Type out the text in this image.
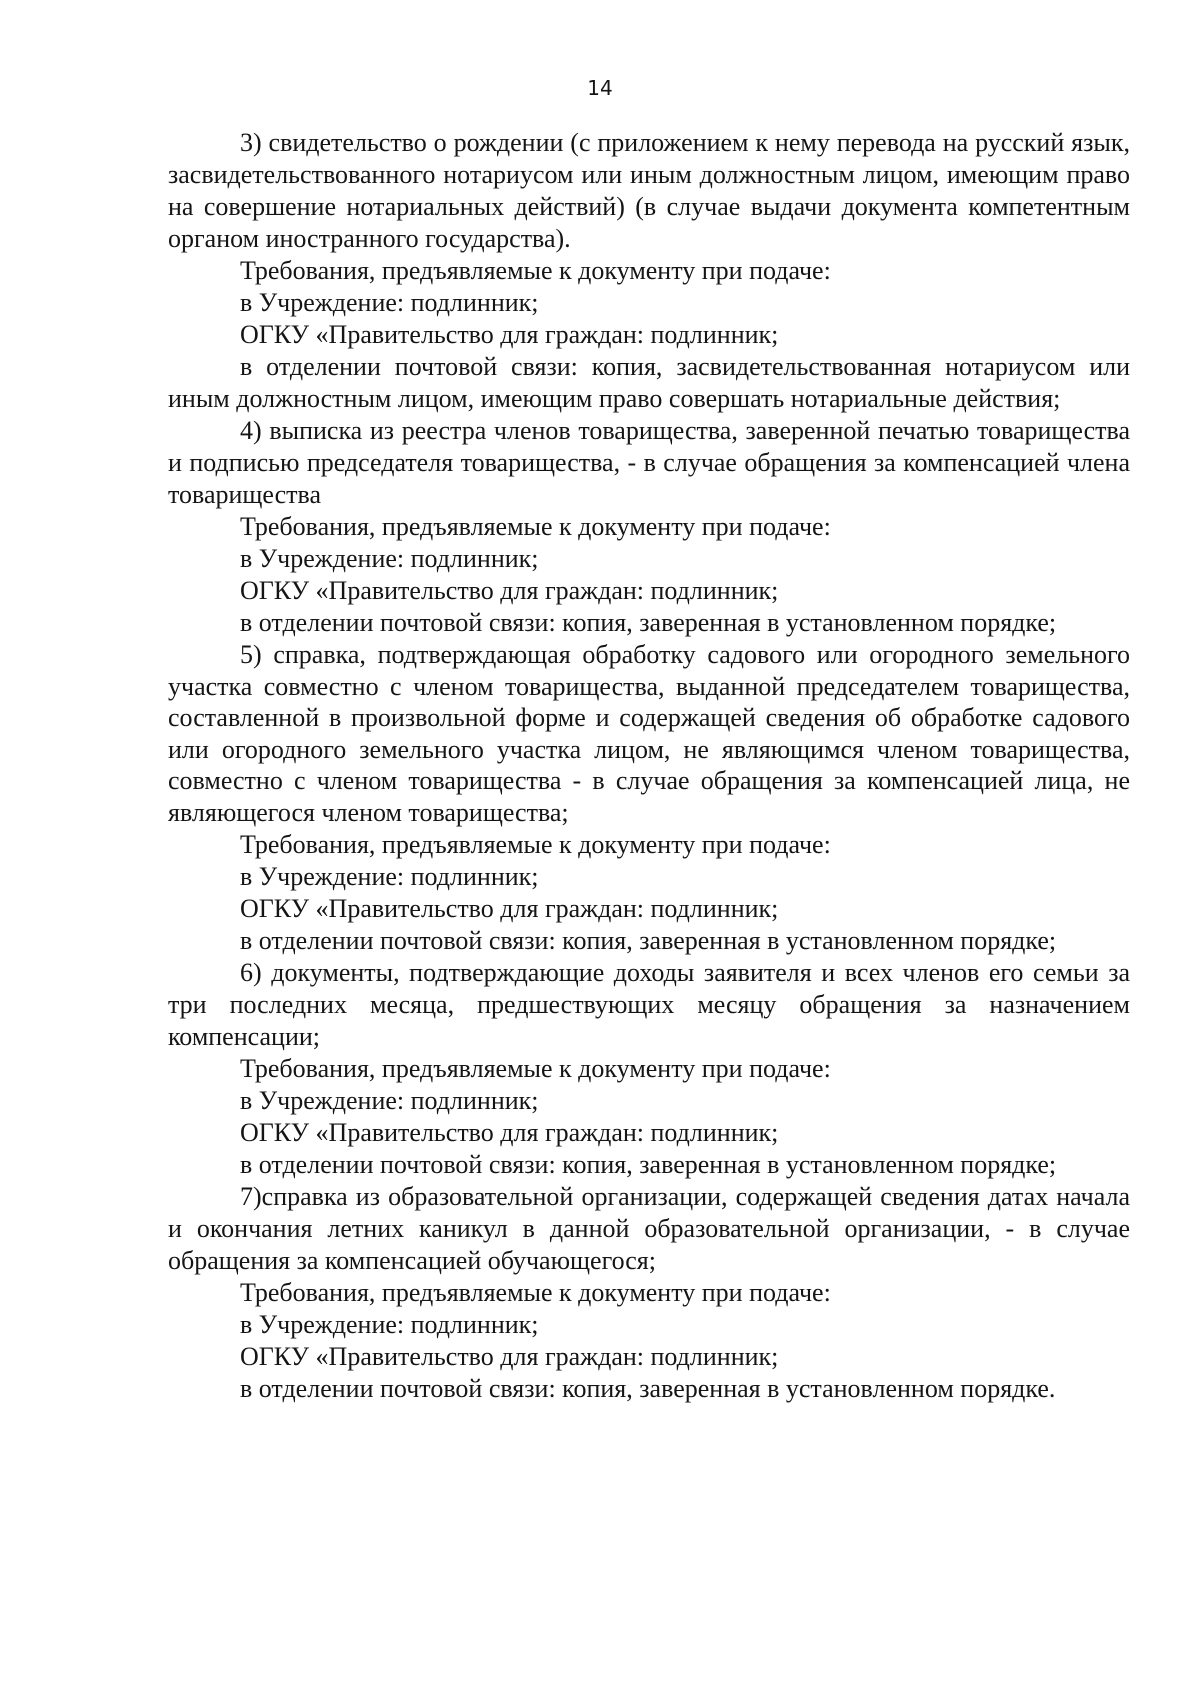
14

3) свидетельство о рождении (с приложением к нему перевода на русский язык, засвидетельствованного нотариусом или иным должностным лицом, имеющим право на совершение нотариальных действий) (в случае выдачи документа компетентным органом иностранного государства).

Требования, предъявляемые к документу при подаче:

в Учреждение: подлинник;

ОГКУ «Правительство для граждан: подлинник;

в отделении почтовой связи: копия, засвидетельствованная нотариусом или иным должностным лицом, имеющим право совершать нотариальные действия;

4) выписка из реестра членов товарищества, заверенной печатью товарищества и подписью председателя товарищества, - в случае обращения за компенсацией члена товарищества

Требования, предъявляемые к документу при подаче:

в Учреждение: подлинник;

ОГКУ «Правительство для граждан: подлинник;

в отделении почтовой связи: копия, заверенная в установленном порядке;

5) справка, подтверждающая обработку садового или огородного земельного участка совместно с членом товарищества, выданной председателем товарищества, составленной в произвольной форме и содержащей сведения об обработке садового или огородного земельного участка лицом, не являющимся членом товарищества, совместно с членом товарищества - в случае обращения за компенсацией лица, не являющегося членом товарищества;

Требования, предъявляемые к документу при подаче:

в Учреждение: подлинник;

ОГКУ «Правительство для граждан: подлинник;

в отделении почтовой связи: копия, заверенная в установленном порядке;

6) документы, подтверждающие доходы заявителя и всех членов его семьи за три последних месяца, предшествующих месяцу обращения за назначением компенсации;

Требования, предъявляемые к документу при подаче:

в Учреждение: подлинник;

ОГКУ «Правительство для граждан: подлинник;

в отделении почтовой связи: копия, заверенная в установленном порядке;

7)справка из образовательной организации, содержащей сведения датах начала и окончания летних каникул в данной образовательной организации, - в случае обращения за компенсацией обучающегося;

Требования, предъявляемые к документу при подаче:

в Учреждение: подлинник;

ОГКУ «Правительство для граждан: подлинник;

в отделении почтовой связи: копия, заверенная в установленном порядке.
